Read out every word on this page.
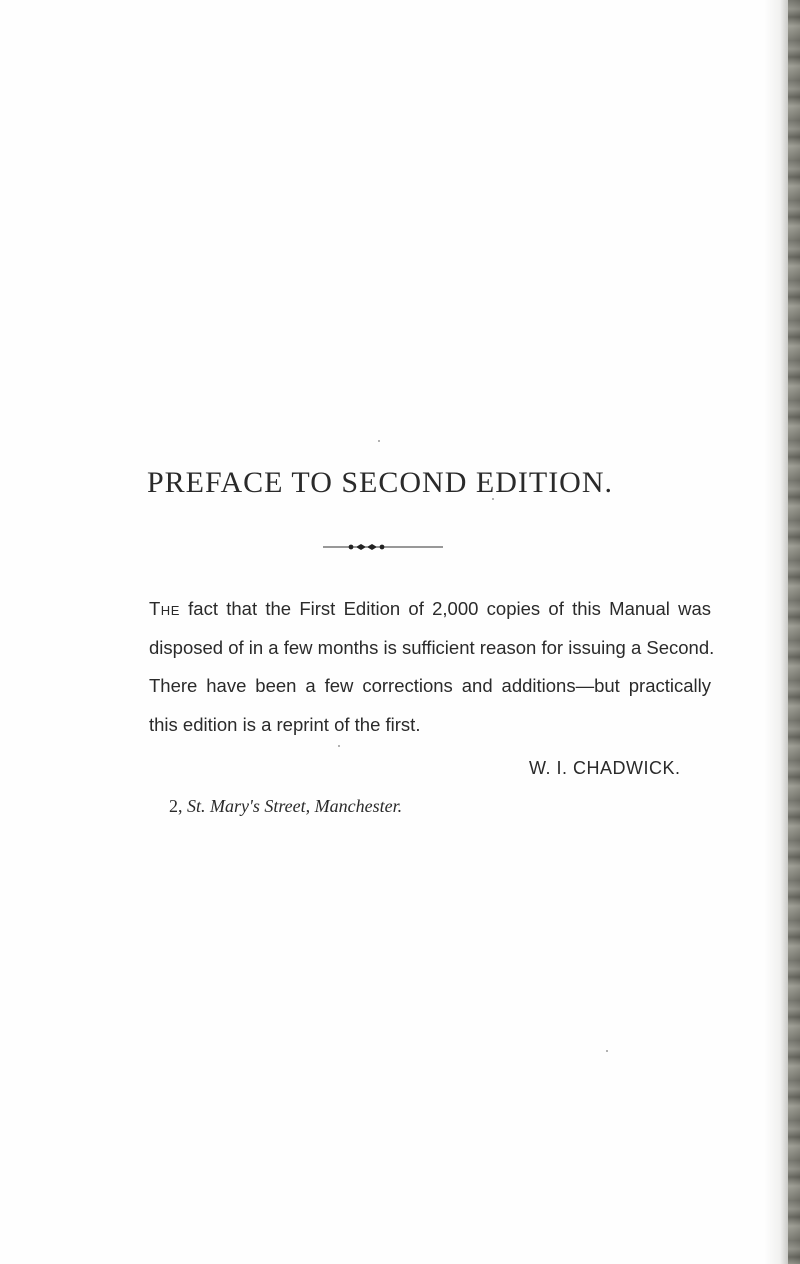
PREFACE TO SECOND EDITION.

The fact that the First Edition of 2,000 copies of this Manual was
disposed of in a few months is sufficient reason for issuing a Second.
There have been a few corrections and additions—but practically
this edition is a reprint of the first.

W. I. CHADWICK.
2, St. Mary's Street, Manchester.
